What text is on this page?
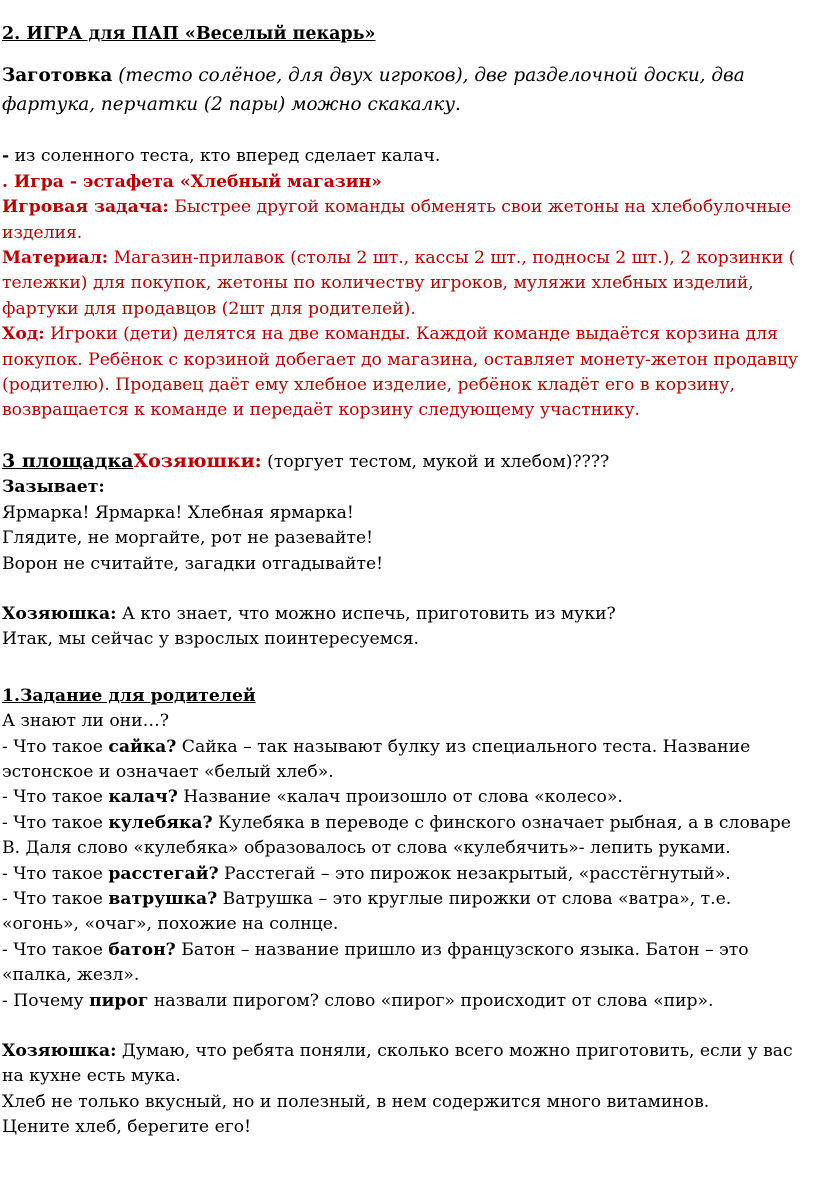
2. ИГРА для ПАП «Веселый пекарь»

Заготовка (тесто солёное, для двух игроков), две разделочной доски, два фартука, перчатки (2 пары) можно скакалку.

- из соленного теста, кто вперед сделает калач.

. Игра - эстафета «Хлебный магазин»

Игровая задача: Быстрее другой команды обменять свои жетоны на хлебобулочные изделия.

Материал: Магазин-прилавок (столы 2 шт., кассы 2 шт., подносы 2 шт.), 2 корзинки ( тележки) для покупок, жетоны по количеству игроков, муляжи хлебных изделий, фартуки для продавцов (2шт для родителей).

Ход: Игроки (дети) делятся на две команды. Каждой команде выдаётся корзина для покупок. Ребёнок с корзиной добегает до магазина, оставляет монету-жетон продавцу (родителю). Продавец даёт ему хлебное изделие, ребёнок кладёт его в корзину, возвращается к команде и передаёт корзину следующему участнику.

3 площадкаХозяюшки: (торгует тестом, мукой и хлебом)????

Зазывает:

Ярмарка! Ярмарка! Хлебная ярмарка!

Глядите, не моргайте, рот не разевайте!

Ворон не считайте, загадки отгадывайте!

Хозяюшка: А кто знает, что можно испечь, приготовить из муки?

Итак, мы сейчас у взрослых поинтересуемся.

1.Задание для родителей

А знают ли они…?

- Что такое сайка? Сайка – так называют булку из специального теста. Название эстонское и означает «белый хлеб».

- Что такое калач? Название «калач произошло от слова «колесо».

- Что такое кулебяка? Кулебяка в переводе с финского означает рыбная, а в словаре В. Даля слово «кулебяка» образовалось от слова «кулебячить»- лепить руками.

- Что такое расстегай? Расстегай – это пирожок незакрытый, «расстёгнутый».

- Что такое ватрушка? Ватрушка – это круглые пирожки от слова «ватра», т.е. «огонь», «очаг», похожие на солнце.

- Что такое батон? Батон – название пришло из французского языка. Батон – это «палка, жезл».

- Почему пирог назвали пирогом? слово «пирог» происходит от слова «пир».

Хозяюшка: Думаю, что ребята поняли, сколько всего можно приготовить, если у вас на кухне есть мука.

Хлеб не только вкусный, но и полезный, в нем содержится много витаминов.

Цените хлеб, берегите его!
